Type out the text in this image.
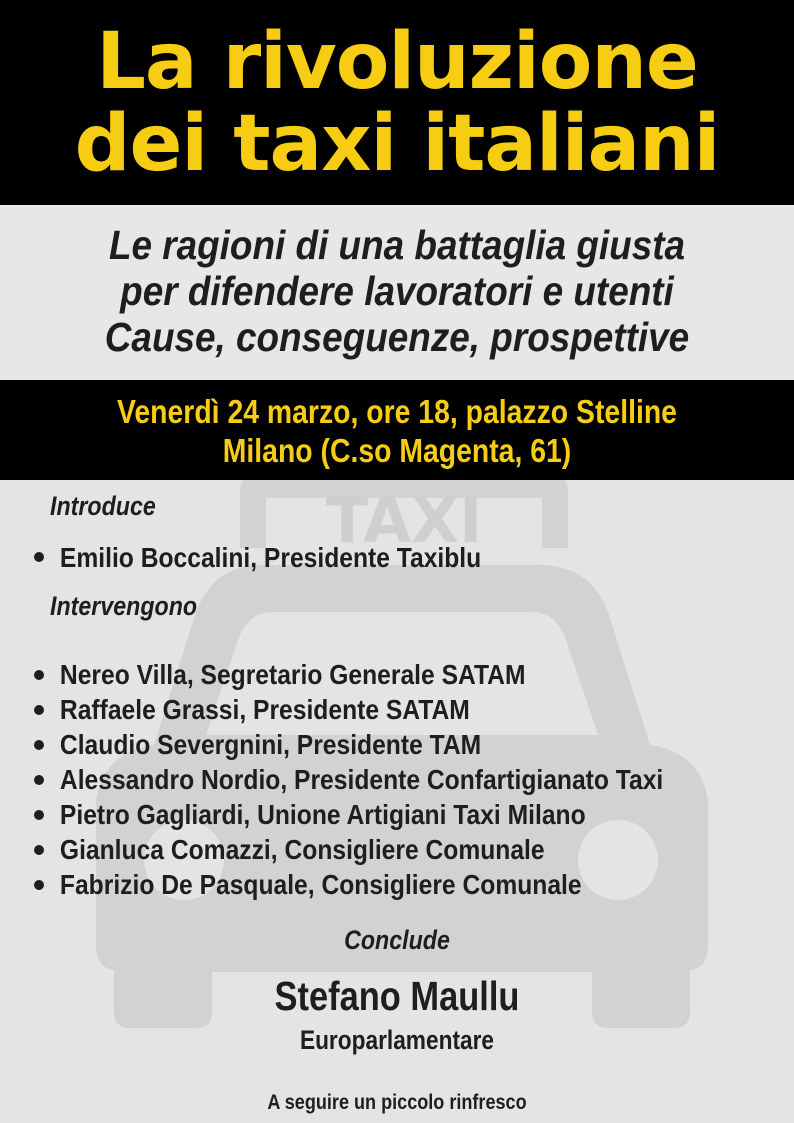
La rivoluzione
dei taxi italiani
Le ragioni di una battaglia giusta
per difendere lavoratori e utenti
Cause, conseguenze, prospettive
Venerdì 24 marzo, ore 18, palazzo Stelline
Milano (C.so Magenta, 61)
TAXI
Introduce
Emilio Boccalini, Presidente Taxiblu
Intervengono
Nereo Villa, Segretario Generale SATAM
Raffaele Grassi, Presidente SATAM
Claudio Severgnini, Presidente TAM
Alessandro Nordio, Presidente Confartigianato Taxi
Pietro Gagliardi, Unione Artigiani Taxi Milano
Gianluca Comazzi, Consigliere Comunale
Fabrizio De Pasquale, Consigliere Comunale
Conclude
Stefano Maullu
Europarlamentare
A seguire un piccolo rinfresco
